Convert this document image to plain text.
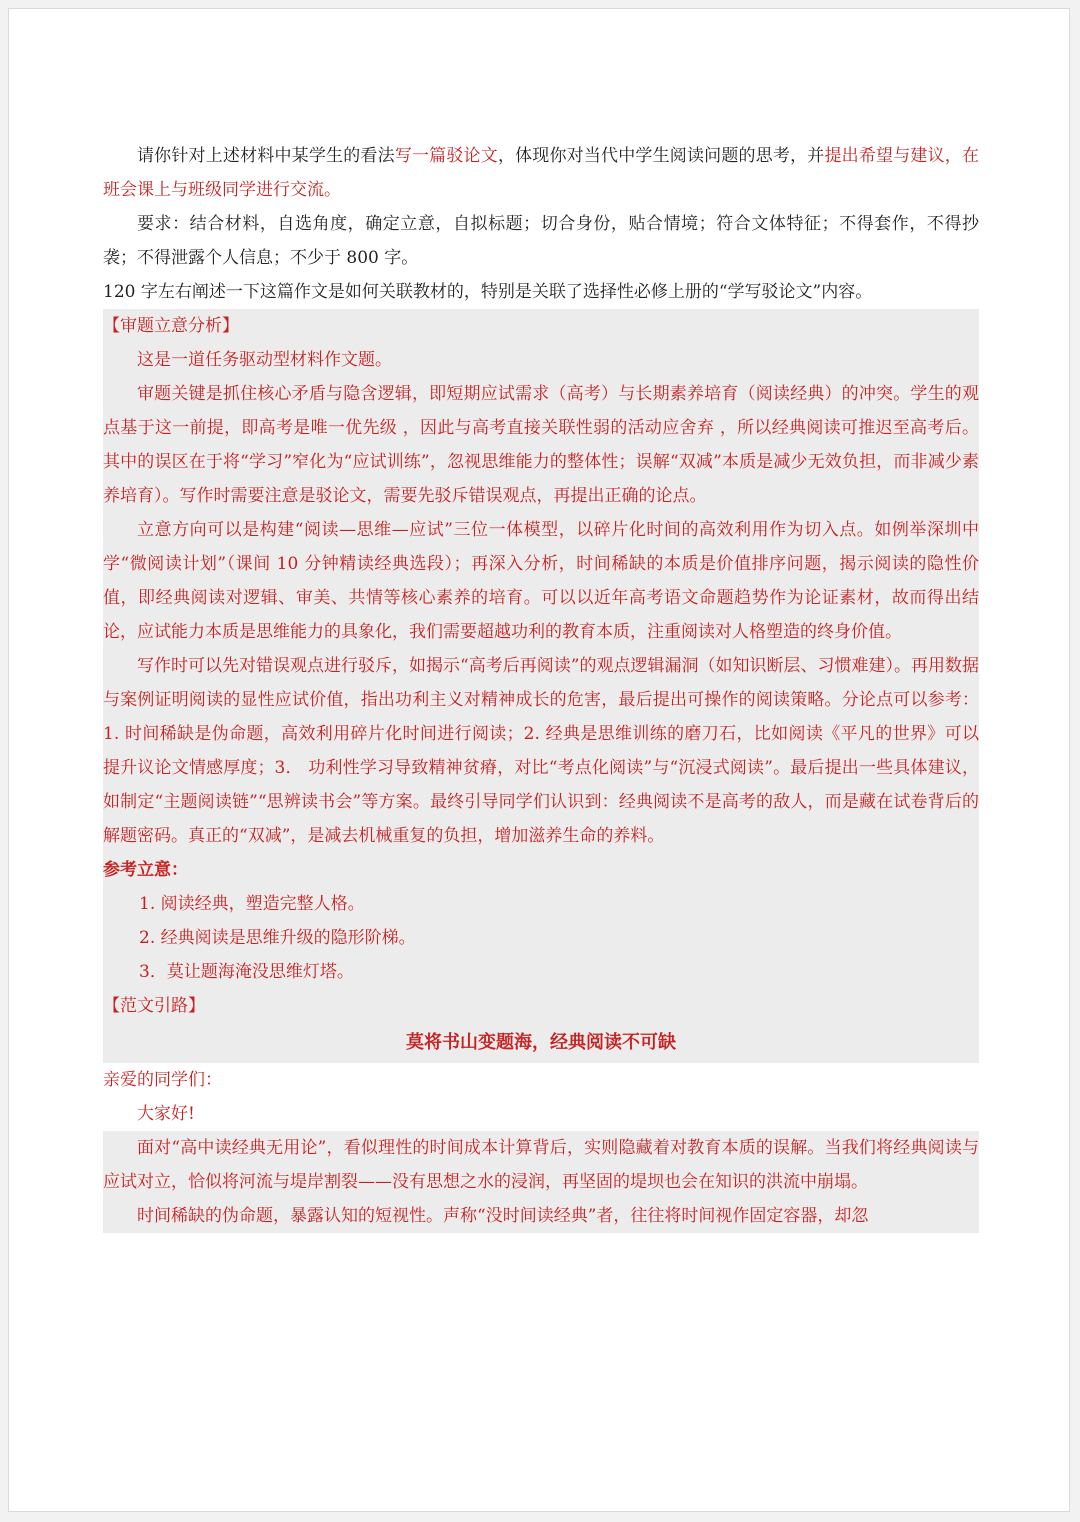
请你针对上述材料中某学生的看法写一篇驳论文，体现你对当代中学生阅读问题的思考，并提出希望与建议，在班会课上与班级同学进行交流。

要求：结合材料，自选角度，确定立意，自拟标题；切合身份，贴合情境；符合文体特征；不得套作，不得抄袭；不得泄露个人信息；不少于 800 字。

120 字左右阐述一下这篇作文是如何关联教材的，特别是关联了选择性必修上册的“学写驳论文”内容。

【审题立意分析】

这是一道任务驱动型材料作文题。

审题关键是抓住核心矛盾与隐含逻辑，即短期应试需求（高考）与长期素养培育（阅读经典）的冲突。学生的观点基于这一前提，即高考是唯一优先级 ，因此与高考直接关联性弱的活动应舍弃 ，所以经典阅读可推迟至高考后。其中的误区在于将“学习”窄化为“应试训练”，忽视思维能力的整体性；误解“双减”本质是减少无效负担，而非减少素养培育）。写作时需要注意是驳论文，需要先驳斥错误观点，再提出正确的论点。

立意方向可以是构建“阅读—思维—应试”三位一体模型，以碎片化时间的高效利用作为切入点。如例举深圳中学“微阅读计划”（课间 10 分钟精读经典选段）；再深入分析，时间稀缺的本质是价值排序问题，揭示阅读的隐性价值，即经典阅读对逻辑、审美、共情等核心素养的培育。可以以近年高考语文命题趋势作为论证素材，故而得出结论，应试能力本质是思维能力的具象化，我们需要超越功利的教育本质，注重阅读对人格塑造的终身价值。

写作时可以先对错误观点进行驳斥，如揭示“高考后再阅读”的观点逻辑漏洞（如知识断层、习惯难建）。再用数据与案例证明阅读的显性应试价值，指出功利主义对精神成长的危害，最后提出可操作的阅读策略。分论点可以参考：1. 时间稀缺是伪命题，高效利用碎片化时间进行阅读；2. 经典是思维训练的磨刀石，比如阅读《平凡的世界》可以提升议论文情感厚度；3． 功利性学习导致精神贫瘠，对比“考点化阅读”与“沉浸式阅读”。最后提出一些具体建议，如制定“主题阅读链”“思辨读书会”等方案。最终引导同学们认识到：经典阅读不是高考的敌人，而是藏在试卷背后的解题密码。真正的“双减”，是减去机械重复的负担，增加滋养生命的养料。

参考立意：

1. 阅读经典，塑造完整人格。

2. 经典阅读是思维升级的隐形阶梯。

3．莫让题海淹没思维灯塔。

【范文引路】

莫将书山变题海，经典阅读不可缺

亲爱的同学们：

大家好!

面对“高中读经典无用论”，看似理性的时间成本计算背后，实则隐藏着对教育本质的误解。当我们将经典阅读与应试对立，恰似将河流与堤岸割裂——没有思想之水的浸润，再坚固的堤坝也会在知识的洪流中崩塌。

时间稀缺的伪命题，暴露认知的短视性。声称“没时间读经典”者，往往将时间视作固定容器，却忽
